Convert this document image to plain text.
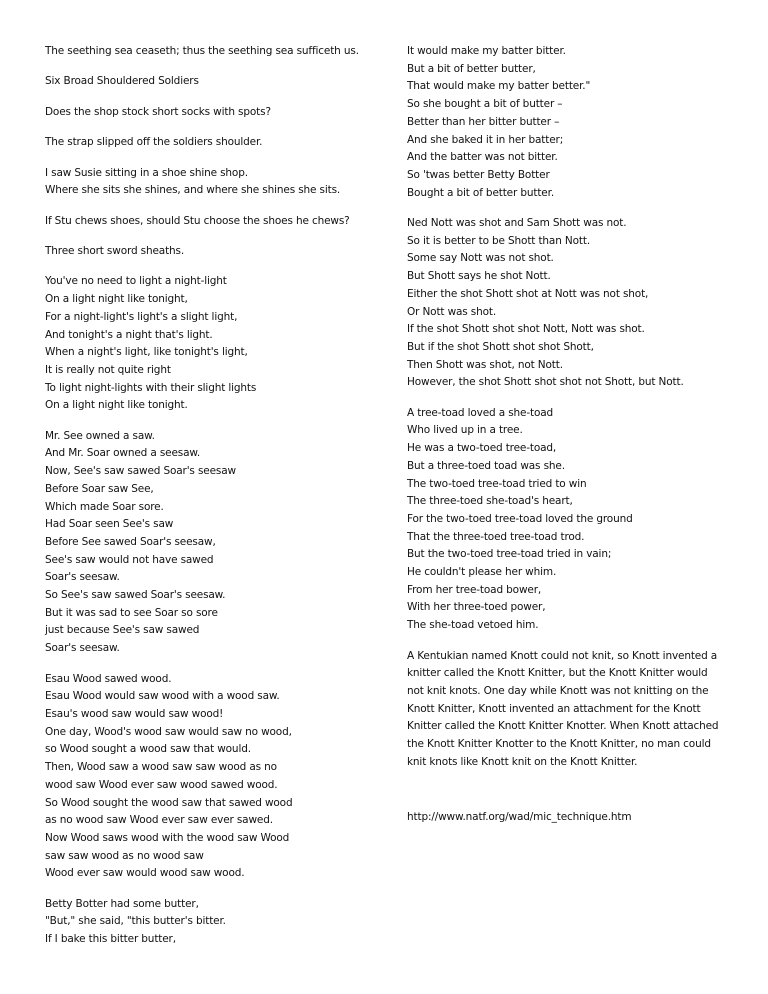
The seething sea ceaseth; thus the seething sea sufficeth us.
Six Broad Shouldered Soldiers
Does the shop stock short socks with spots?
The strap slipped off the soldiers shoulder.
I saw Susie sitting in a shoe shine shop.
Where she sits she shines, and where she shines she sits.
If Stu chews shoes, should Stu choose the shoes he chews?
Three short sword sheaths.
You've no need to light a night-light
On a light night like tonight,
For a night-light's light's a slight light,
And tonight's a night that's light.
When a night's light, like tonight's light,
It is really not quite right
To light night-lights with their slight lights
On a light night like tonight.
Mr. See owned a saw.
And Mr. Soar owned a seesaw.
Now, See's saw sawed Soar's seesaw
Before Soar saw See,
Which made Soar sore.
Had Soar seen See's saw
Before See sawed Soar's seesaw,
See's saw would not have sawed
Soar's seesaw.
So See's saw sawed Soar's seesaw.
But it was sad to see Soar so sore
just because See's saw sawed
Soar's seesaw.
Esau Wood sawed wood.
Esau Wood would saw wood with a wood saw.
Esau's wood saw would saw wood!
One day, Wood's wood saw would saw no wood,
so Wood sought a wood saw that would.
Then, Wood saw a wood saw saw wood as no
wood saw Wood ever saw wood sawed wood.
So Wood sought the wood saw that sawed wood
as no wood saw Wood ever saw ever sawed.
Now Wood saws wood with the wood saw Wood
saw saw wood as no wood saw
Wood ever saw would wood saw wood.
Betty Botter had some butter,
"But," she said, "this butter's bitter.
If I bake this bitter butter,
It would make my batter bitter.
But a bit of better butter,
That would make my batter better."
So she bought a bit of butter –
Better than her bitter butter –
And she baked it in her batter;
And the batter was not bitter.
So 'twas better Betty Botter
Bought a bit of better butter.
Ned Nott was shot and Sam Shott was not.
So it is better to be Shott than Nott.
Some say Nott was not shot.
But Shott says he shot Nott.
Either the shot Shott shot at Nott was not shot,
Or Nott was shot.
If the shot Shott shot shot Nott, Nott was shot.
But if the shot Shott shot shot Shott,
Then Shott was shot, not Nott.
However, the shot Shott shot shot not Shott, but Nott.
A tree-toad loved a she-toad
Who lived up in a tree.
He was a two-toed tree-toad,
But a three-toed toad was she.
The two-toed tree-toad tried to win
The three-toed she-toad's heart,
For the two-toed tree-toad loved the ground
That the three-toed tree-toad trod.
But the two-toed tree-toad tried in vain;
He couldn't please her whim.
From her tree-toad bower,
With her three-toed power,
The she-toad vetoed him.
A Kentukian named Knott could not knit, so Knott invented a knitter called the Knott Knitter, but the Knott Knitter would not knit knots. One day while Knott was not knitting on the Knott Knitter, Knott invented an attachment for the Knott Knitter called the Knott Knitter Knotter. When Knott attached the Knott Knitter Knotter to the Knott Knitter, no man could knit knots like Knott knit on the Knott Knitter.
http://www.natf.org/wad/mic_technique.htm
